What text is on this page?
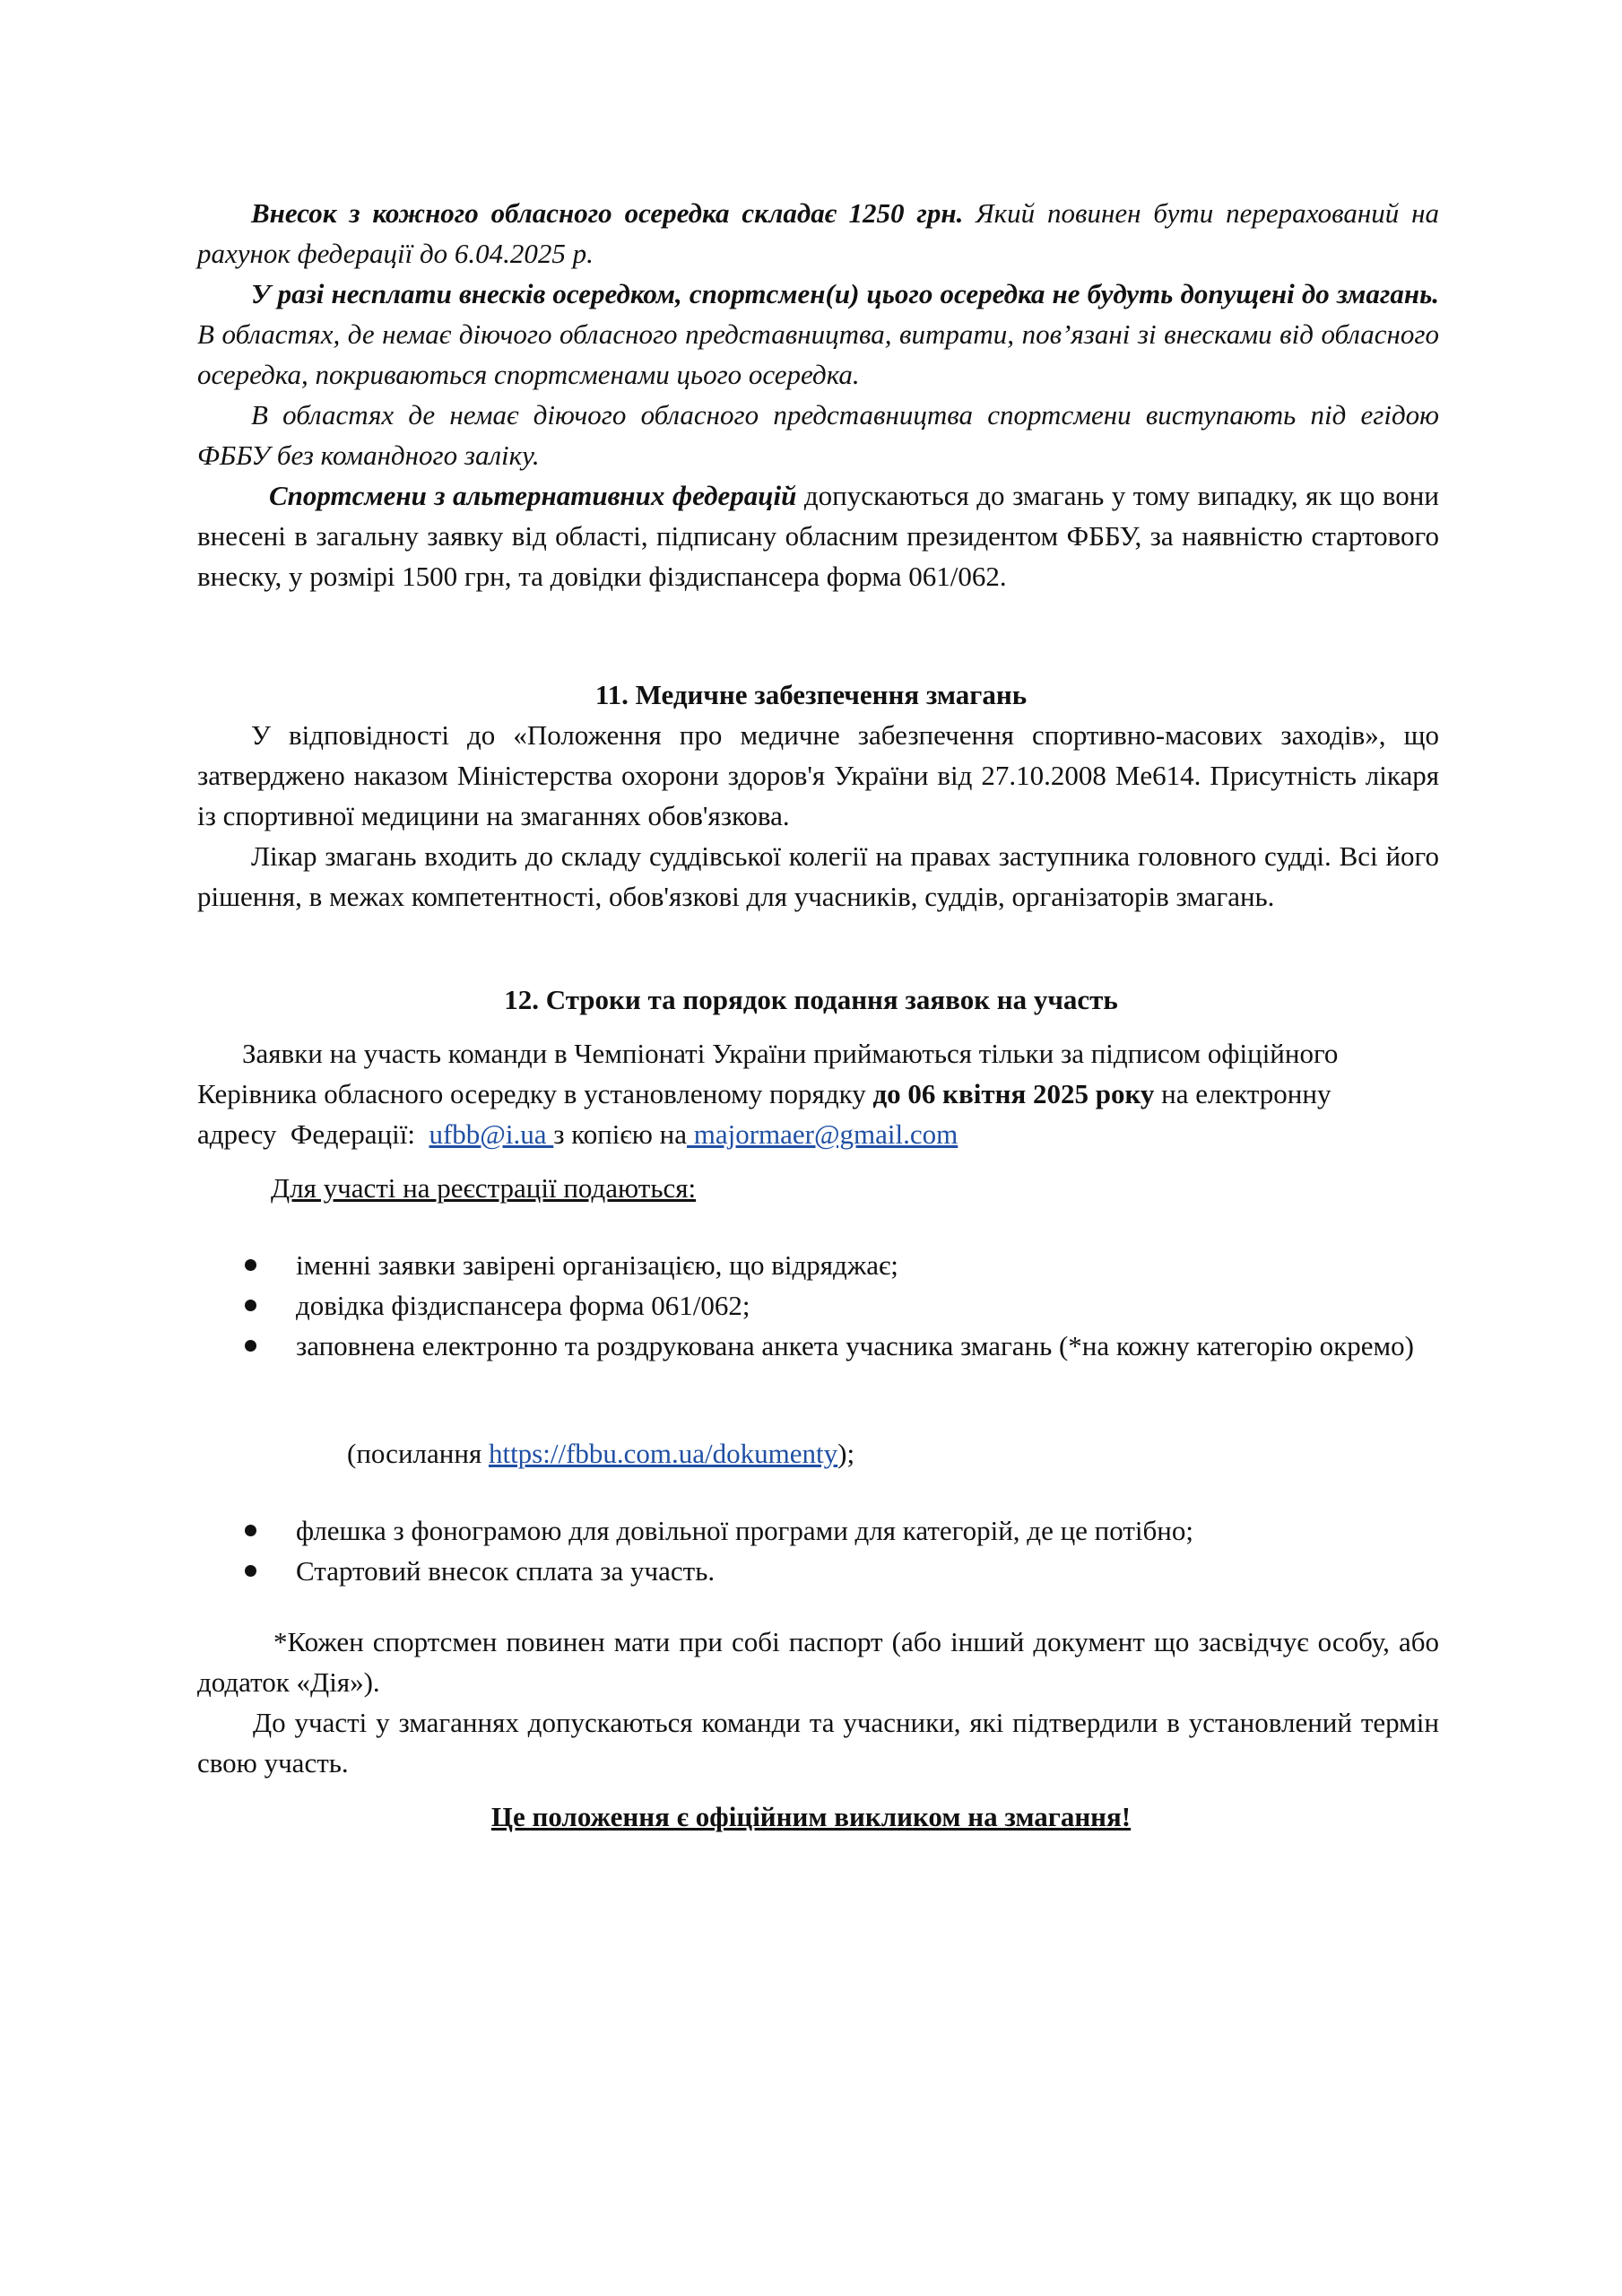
Внесок з кожного обласного осередка складає 1250 грн. Який повинен бути перерахований на рахунок федерації до 6.04.2025 р.

У разі несплати внесків осередком, спортсмен(и) цього осередка не будуть допущені до змагань. В областях, де немає діючого обласного представництва, витрати, пов’язані зі внесками від обласного осередка, покриваються спортсменами цього осередка.

В областях де немає діючого обласного представництва спортсмени виступають під егідою ФББУ без командного заліку.

Спортсмени з альтернативних федерацій допускаються до змагань у тому випадку, як що вони внесені в загальну заявку від області, підписану обласним президентом ФББУ, за наявністю стартового внеску, у розмірі 1500 грн, та довідки фіздиспансера форма 061/062.

11. Медичне забезпечення змагань

У відповідності до «Положення про медичне забезпечення спортивно-масових заходів», що затверджено наказом Міністерства охорони здоров'я України від 27.10.2008 Me614. Присутність лікаря із спортивної медицини на змаганнях обов'язкова.

Лікар змагань входить до складу суддівської колегії на правах заступника головного судді. Всі його рішення, в межах компетентності, обов'язкові для учасників, суддів, організаторів змагань.

12. Строки та порядок подання заявок на участь

Заявки на участь команди в Чемпіонаті України приймаються тільки за підписом офіційного

Керівника обласного осередку в установленому порядку до 06 квітня 2025 року на електронну

адресу  Федерації:  ufbb@i.ua з копією на majormaer@gmail.com

Для участі на реєстрації подаються:

іменні заявки завірені організацією, що відряджає;

довідка фіздиспансера форма 061/062;

заповнена електронно та роздрукована анкета учасника змагань (*на кожну категорію окремо)

(посилання https://fbbu.com.ua/dokumenty);

флешка з фонограмою для довільної програми для категорій, де це потібно;

Стартовий внесок сплата за участь.

*Кожен спортсмен повинен мати при собі паспорт (або інший документ що засвідчує особу, або додаток «Дія»).

До участі у змаганнях допускаються команди та учасники, які підтвердили в установлений термін свою участь.

Це положення є офіційним викликом на змагання!
